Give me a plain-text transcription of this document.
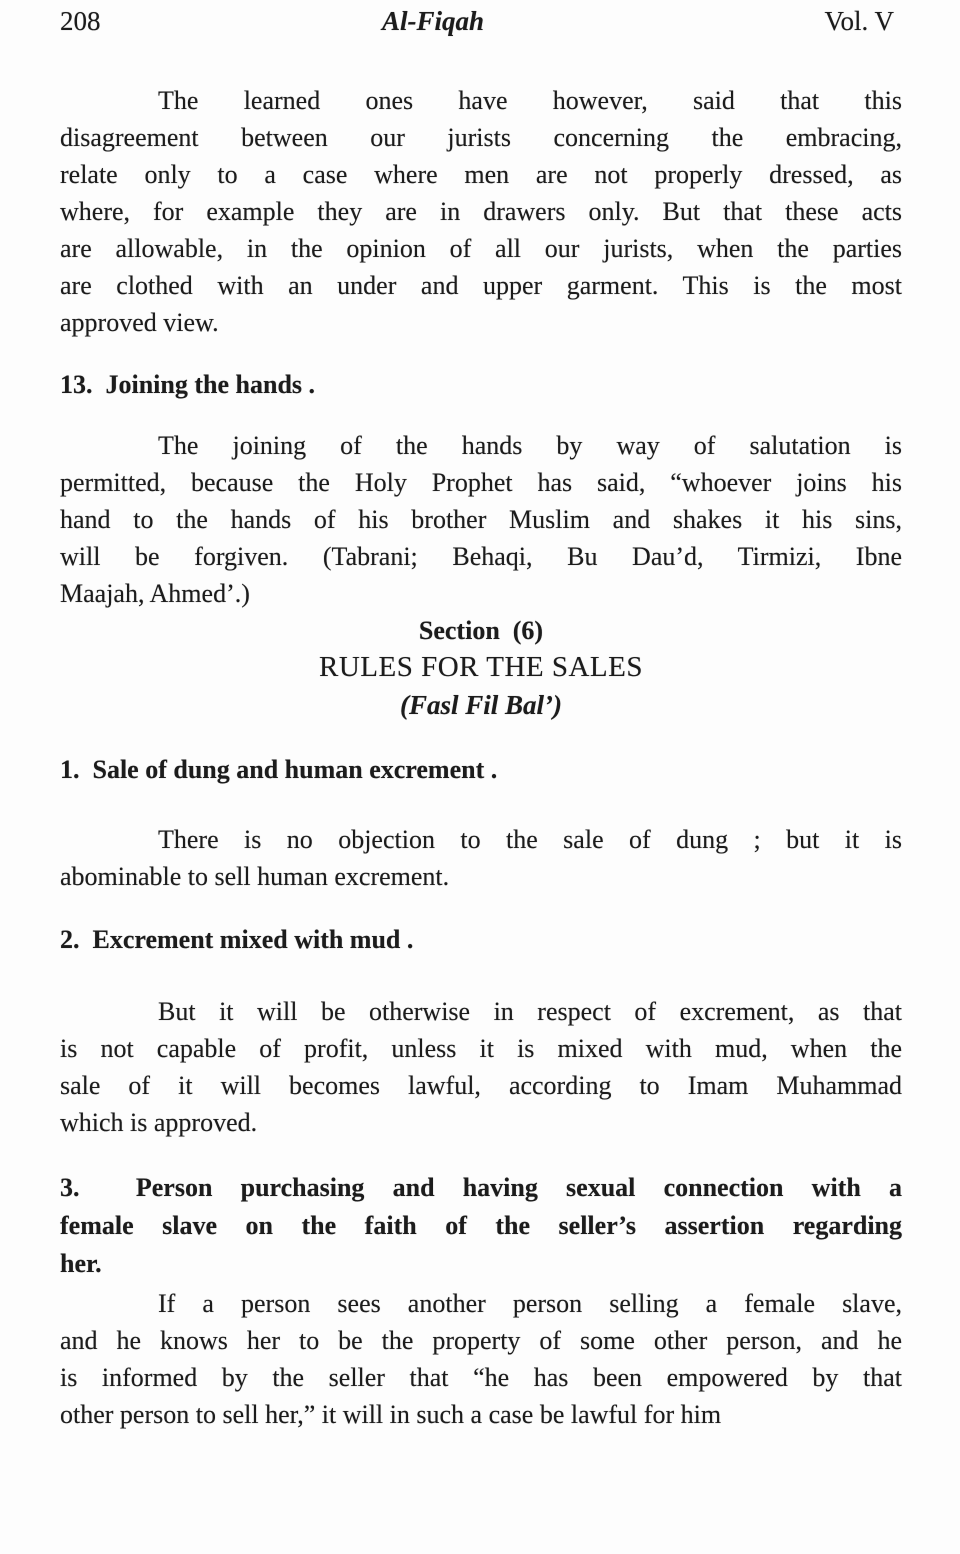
208	Al-Fiqah	Vol. V
The learned ones have however, said that this
disagreement between our jurists concerning the embracing,
relate only to a case where men are not properly dressed, as
where, for example they are in drawers only. But that these acts
are allowable, in the opinion of all our jurists, when the parties
are clothed with an under and upper garment. This is the most
approved view.
13.  Joining the hands .
The joining of the hands by way of salutation is
permitted, because the Holy Prophet has said, “whoever joins his
hand to the hands of his brother Muslim and shakes it his sins,
will be forgiven. (Tabrani; Behaqi, Bu Dau’d, Tirmizi, Ibne
Maajah, Ahmed’.)
Section  (6)
RULES FOR THE SALES
(Fasl Fil Bal’)
1.  Sale of dung and human excrement .
There is no objection to the sale of dung ; but it is
abominable to sell human excrement.
2.  Excrement mixed with mud .
But it will be otherwise in respect of excrement, as that
is not capable of profit, unless it is mixed with mud, when the
sale of it will becomes lawful, according to Imam Muhammad
which is approved.
3.  Person purchasing and having sexual connection with a
female slave on the faith of the seller’s assertion regarding
her.
If a person sees another person selling a female slave,
and he knows her to be the property of some other person, and he
is informed by the seller that “he has been empowered by that
other person to sell her,” it will in such a case be lawful for him
